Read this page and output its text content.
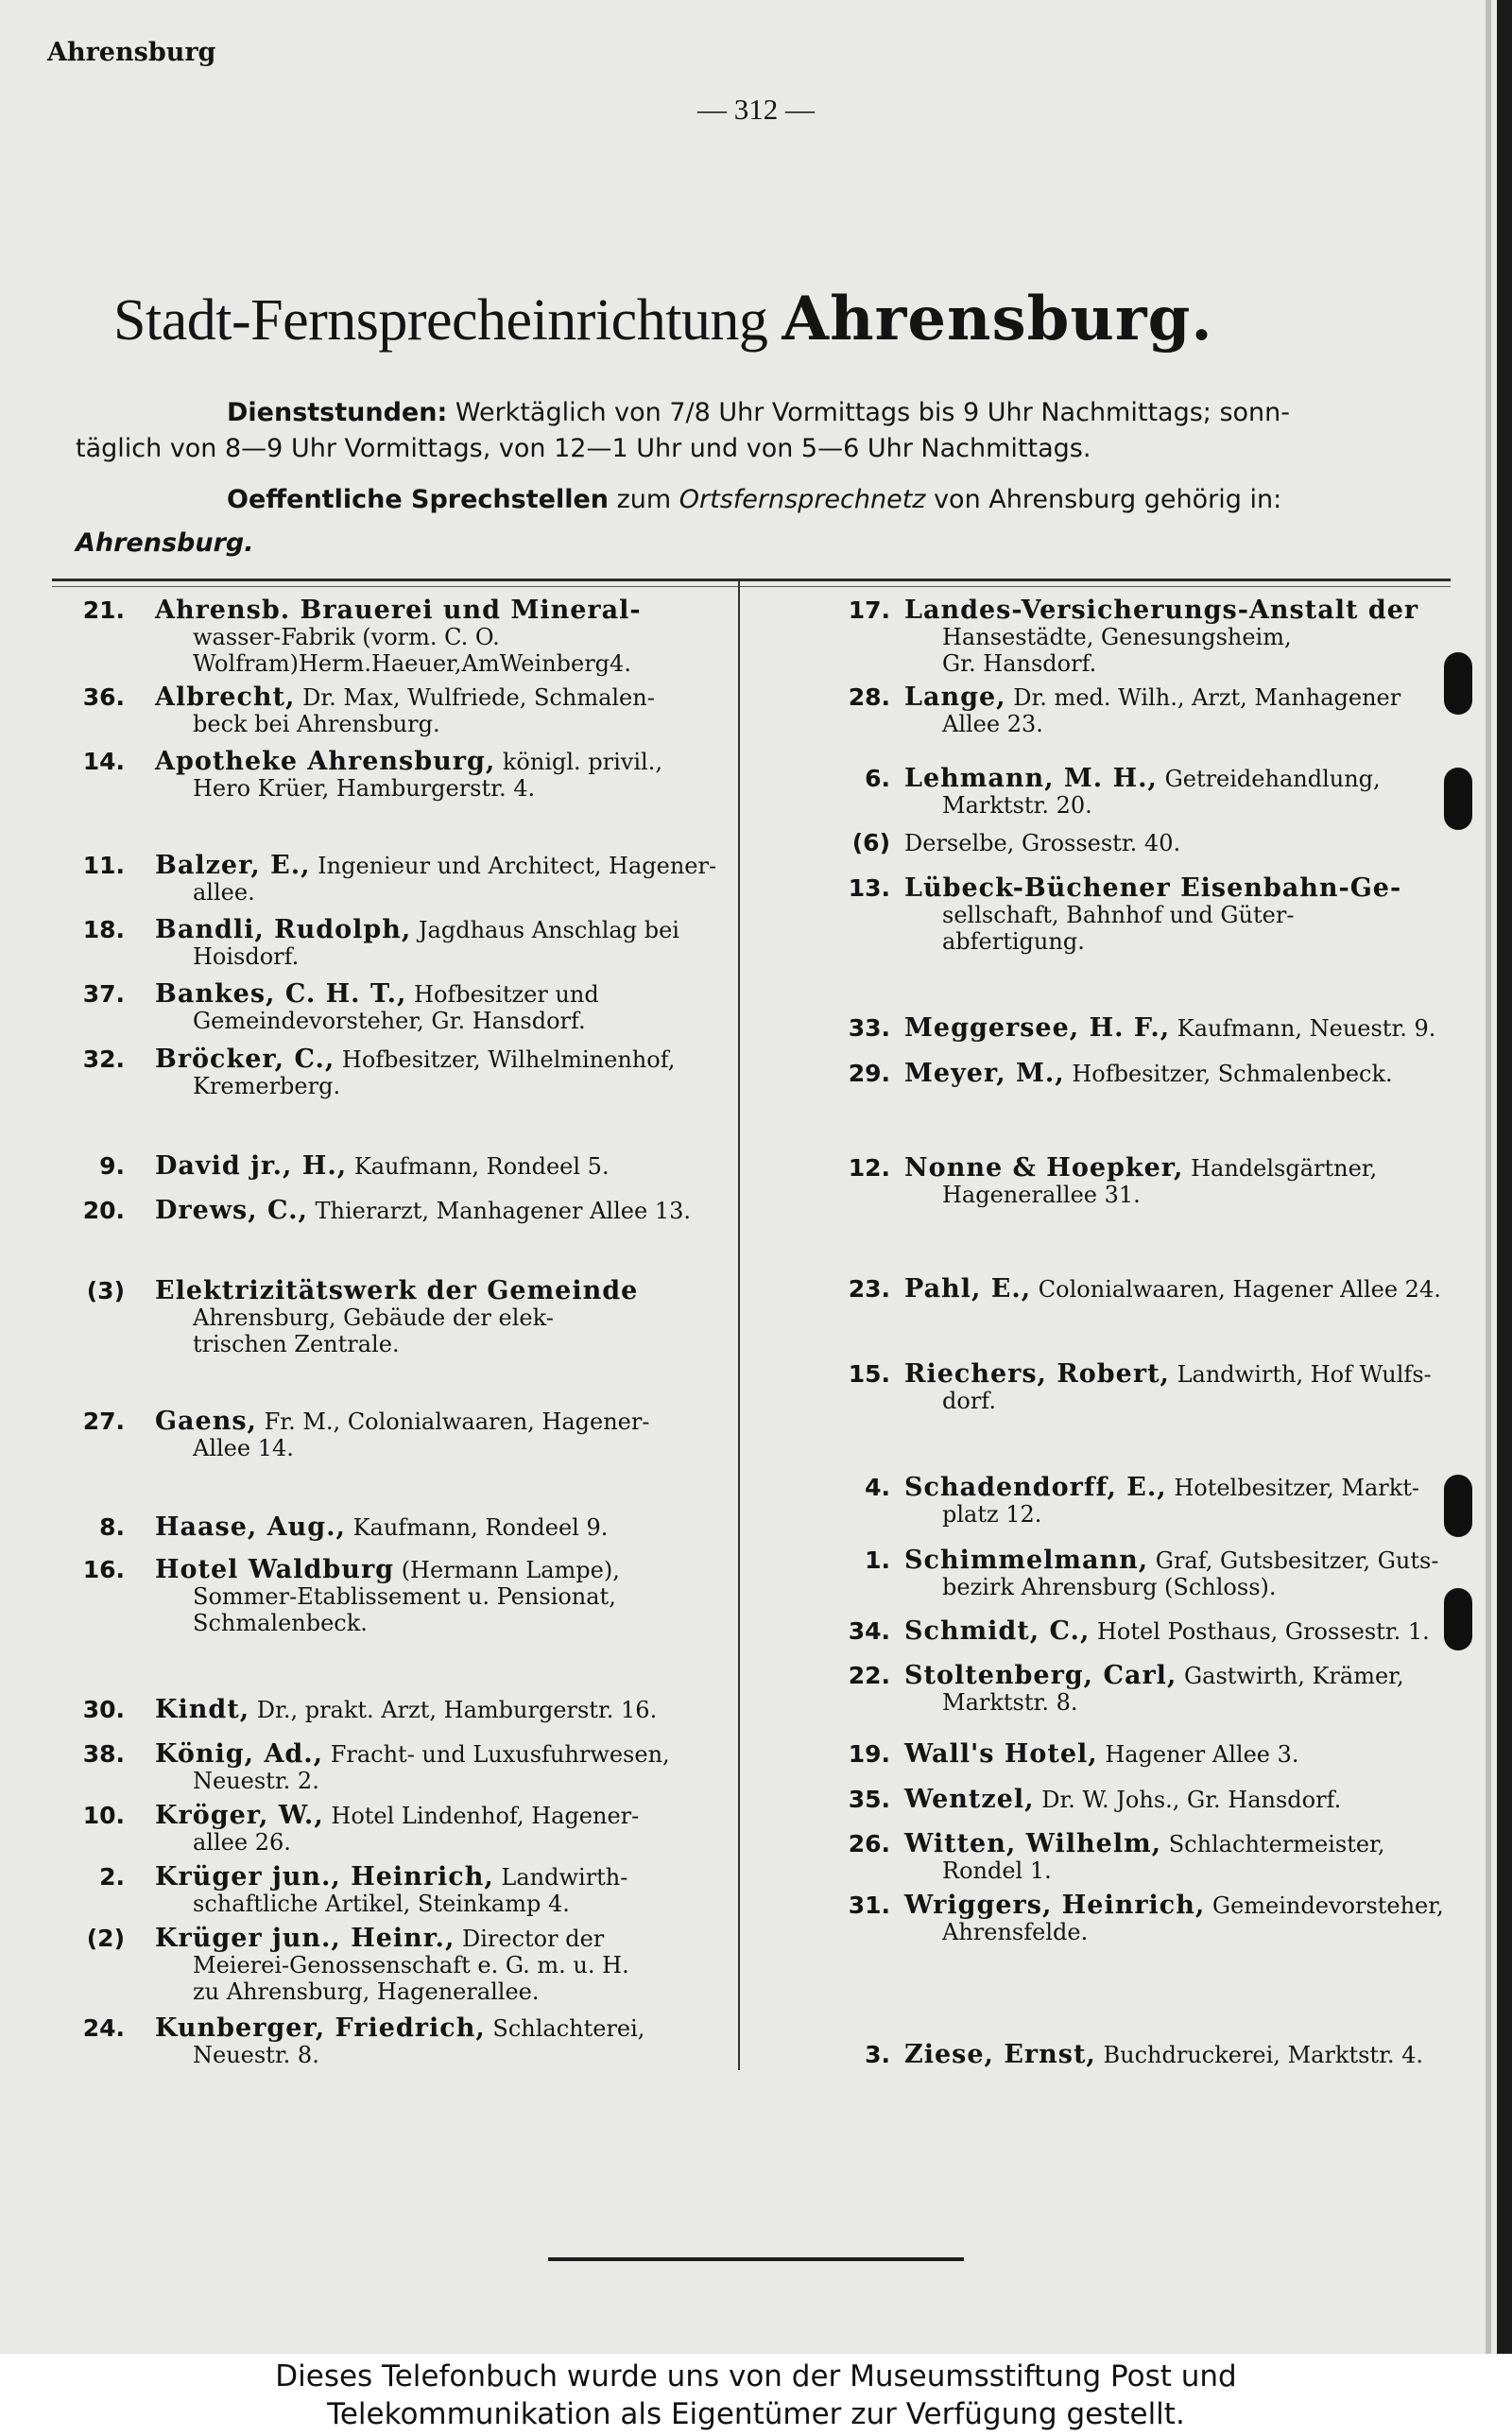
Ahrensburg
— 312 —
Stadt-Fernsprecheinrichtung Ahrensburg.
Dienststunden: Werktäglich von 7/8 Uhr Vormittags bis 9 Uhr Nachmittags; sonn-
täglich von 8—9 Uhr Vormittags, von 12—1 Uhr und von 5—6 Uhr Nachmittags.
Oeffentliche Sprechstellen zum Ortsfernsprechnetz von Ahrensburg gehörig in:
Ahrensburg.
21. Ahrensb. Brauerei und Mineral-
wasser-Fabrik (vorm. C. O.
Wolfram)Herm.Haeuer,AmWeinberg4.
36. Albrecht, Dr. Max, Wulfriede, Schmalen-
beck bei Ahrensburg.
14. Apotheke Ahrensburg, königl. privil.,
Hero Krüer, Hamburgerstr. 4.
11. Balzer, E., Ingenieur und Architect, Hagener-
allee.
18. Bandli, Rudolph, Jagdhaus Anschlag bei
Hoisdorf.
37. Bankes, C. H. T., Hofbesitzer und
Gemeindevorsteher, Gr. Hansdorf.
32. Bröcker, C., Hofbesitzer, Wilhelminenhof,
Kremerberg.
9. David jr., H., Kaufmann, Rondeel 5.
20. Drews, C., Thierarzt, Manhagener Allee 13.
(3) Elektrizitätswerk der Gemeinde
Ahrensburg, Gebäude der elek-
trischen Zentrale.
27. Gaens, Fr. M., Colonialwaaren, Hagener-
Allee 14.
8. Haase, Aug., Kaufmann, Rondeel 9.
16. Hotel Waldburg (Hermann Lampe),
Sommer-Etablissement u. Pensionat,
Schmalenbeck.
30. Kindt, Dr., prakt. Arzt, Hamburgerstr. 16.
38. König, Ad., Fracht- und Luxusfuhrwesen,
Neuestr. 2.
10. Kröger, W., Hotel Lindenhof, Hagener-
allee 26.
2. Krüger jun., Heinrich, Landwirth-
schaftliche Artikel, Steinkamp 4.
(2) Krüger jun., Heinr., Director der
Meierei-Genossenschaft e. G. m. u. H.
zu Ahrensburg, Hagenerallee.
24. Kunberger, Friedrich, Schlachterei,
Neuestr. 8.
17. Landes-Versicherungs-Anstalt der
Hansestädte, Genesungsheim,
Gr. Hansdorf.
28. Lange, Dr. med. Wilh., Arzt, Manhagener
Allee 23.
6. Lehmann, M. H., Getreidehandlung,
Marktstr. 20.
(6) Derselbe, Grossestr. 40.
13. Lübeck-Büchener Eisenbahn-Ge-
sellschaft, Bahnhof und Güter-
abfertigung.
33. Meggersee, H. F., Kaufmann, Neuestr. 9.
29. Meyer, M., Hofbesitzer, Schmalenbeck.
12. Nonne & Hoepker, Handelsgärtner,
Hagenerallee 31.
23. Pahl, E., Colonialwaaren, Hagener Allee 24.
15. Riechers, Robert, Landwirth, Hof Wulfs-
dorf.
4. Schadendorff, E., Hotelbesitzer, Markt-
platz 12.
1. Schimmelmann, Graf, Gutsbesitzer, Guts-
bezirk Ahrensburg (Schloss).
34. Schmidt, C., Hotel Posthaus, Grossestr. 1.
22. Stoltenberg, Carl, Gastwirth, Krämer,
Marktstr. 8.
19. Wall's Hotel, Hagener Allee 3.
35. Wentzel, Dr. W. Johs., Gr. Hansdorf.
26. Witten, Wilhelm, Schlachtermeister,
Rondel 1.
31. Wriggers, Heinrich, Gemeindevorsteher,
Ahrensfelde.
3. Ziese, Ernst, Buchdruckerei, Marktstr. 4.
Dieses Telefonbuch wurde uns von der Museumsstiftung Post und
Telekommunikation als Eigentümer zur Verfügung gestellt.
